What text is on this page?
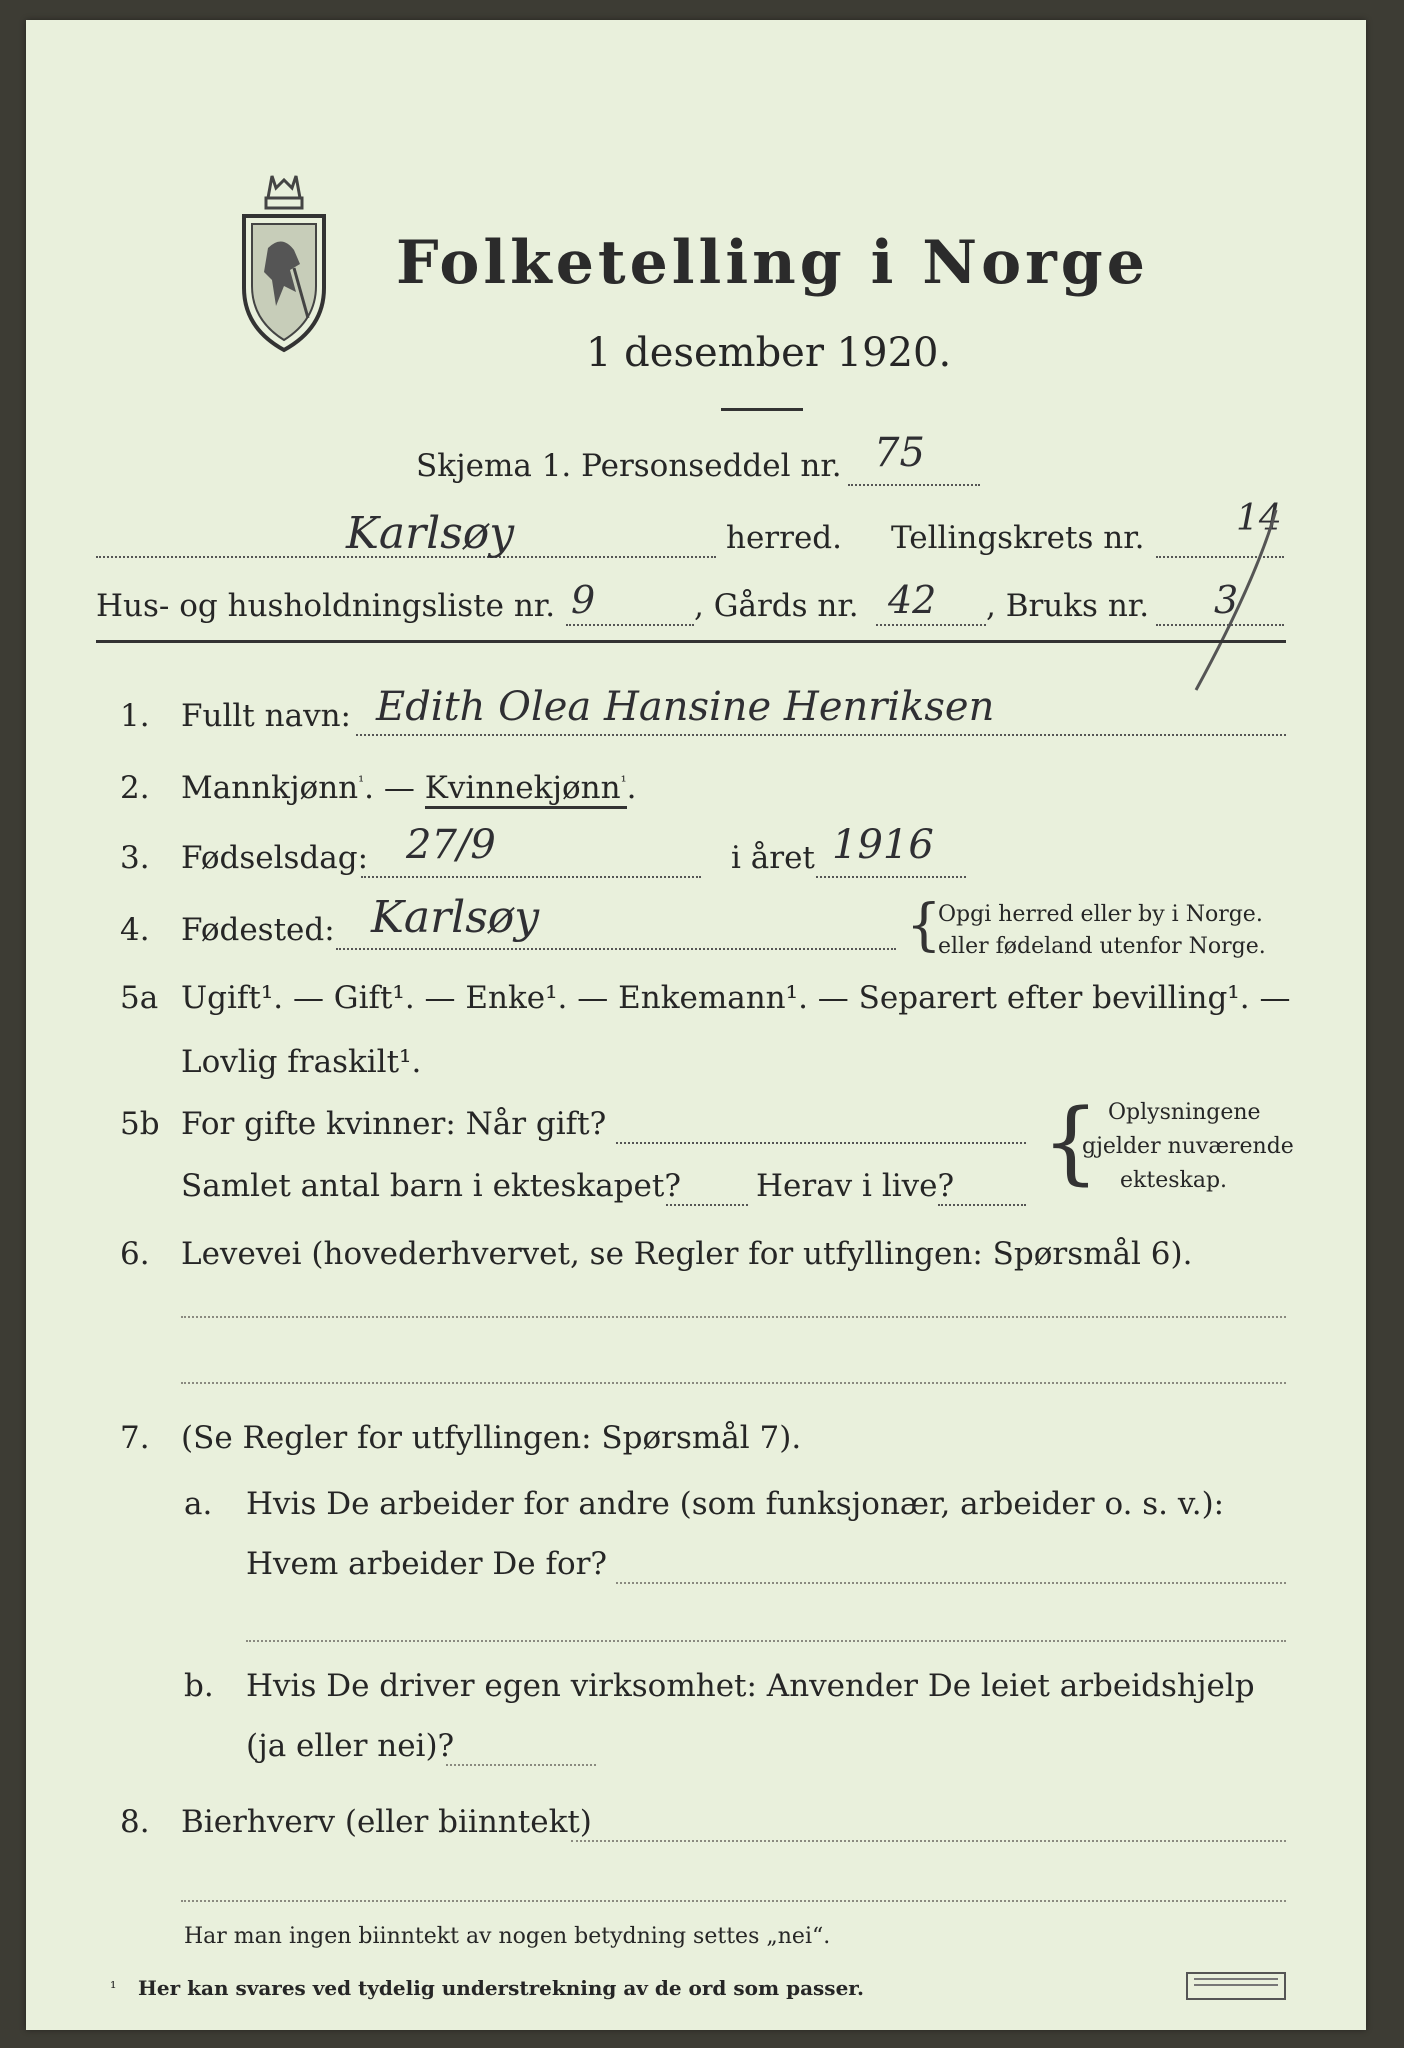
Folketelling i Norge
1 desember 1920.
Skjema 1. Personseddel nr. 75
Karlsøy	herred. Tellingskrets nr.	14
Hus- og husholdningsliste nr. 9	, Gårds nr. 42 , Bruks nr. 3
1. Fullt navn: Edith Olea Hansine Henriksen
2. Mannkjønn$^{^1}$. — Kvinnekjønn$^{^1}$.
3. Fødselsdag: 27/9	i året 1916
4. Fødested: Karlsøy	{
Opgi herred eller by i Norge.
eller fødeland utenfor Norge.
5a Ugift¹. — Gift¹. — Enke¹. — Enkemann¹. — Separert efter bevilling¹. —
Lovlig fraskilt¹.
5b For gifte kvinner: Når gift?
Samlet antal barn i ekteskapet? Herav i live? { Oplysningene
gjelder nuværende
ekteskap.
6. Levevei (hovederhvervet, se Regler for utfyllingen: Spørsmål 6).
7. (Se Regler for utfyllingen: Spørsmål 7).
a. Hvis De arbeider for andre (som funksjonær, arbeider o. s. v.):
Hvem arbeider De for?
b. Hvis De driver egen virksomhet: Anvender De leiet arbeidshjelp
(ja eller nei)?
8. Bierhverv (eller biinntekt)
Har man ingen biinntekt av nogen betydning settes „nei“.
¹ Her kan svares ved tydelig understrekning av de ord som passer.
